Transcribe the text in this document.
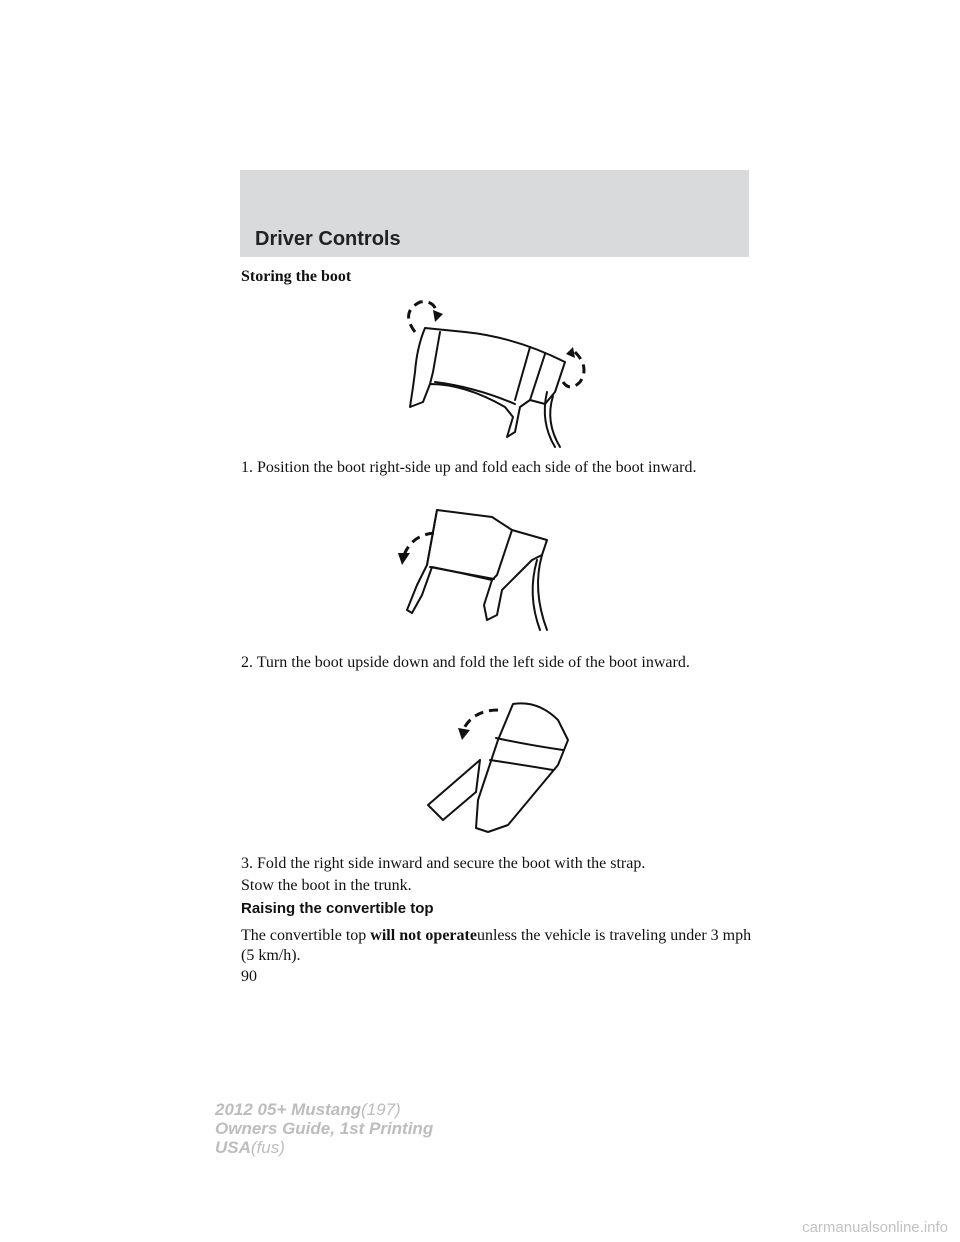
Driver Controls
Storing the boot
1. Position the boot right-side up and fold each side of the boot inward.
2. Turn the boot upside down and fold the left side of the boot inward.
3. Fold the right side inward and secure the boot with the strap.
Stow the boot in the trunk.
Raising the convertible top
The convertible top will not operateunless the vehicle is traveling under 3 mph (5 km/h).
90
2012 05+ Mustang(197)
Owners Guide, 1st Printing
USA(fus)
carmanualsonline.info
